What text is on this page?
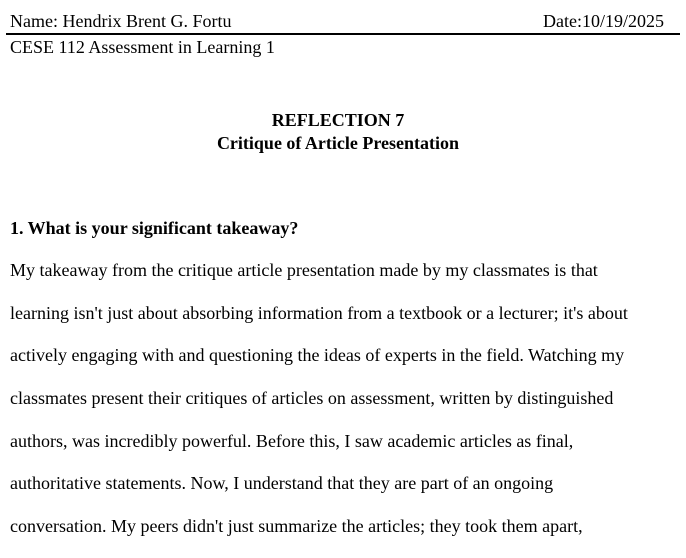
Name: Hendrix Brent G. Fortu	Date:10/19/2025
CESE 112 Assessment in Learning 1
REFLECTION 7
Critique of Article Presentation
1. What is your significant takeaway?
My takeaway from the critique article presentation made by my classmates is that
learning isn't just about absorbing information from a textbook or a lecturer; it's about
actively engaging with and questioning the ideas of experts in the field. Watching my
classmates present their critiques of articles on assessment, written by distinguished
authors, was incredibly powerful. Before this, I saw academic articles as final,
authoritative statements. Now, I understand that they are part of an ongoing
conversation. My peers didn't just summarize the articles; they took them apart,
